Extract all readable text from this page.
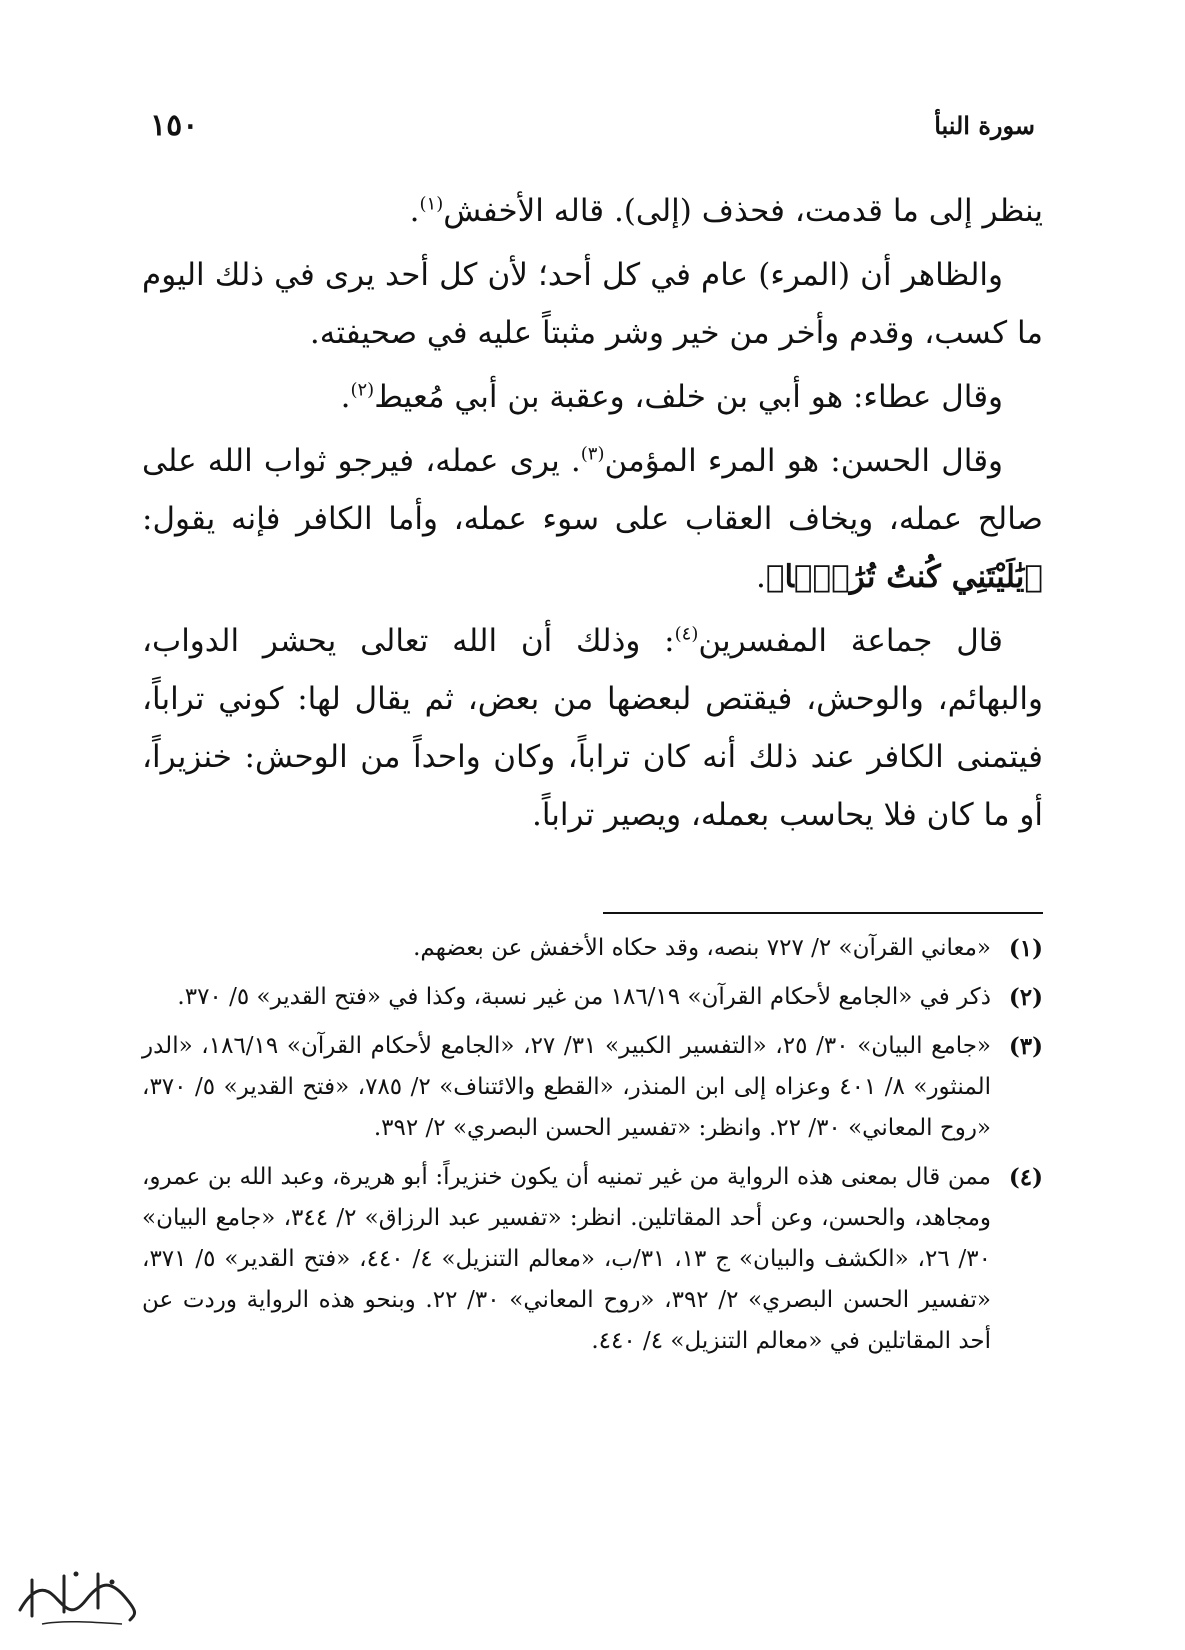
سورة النبأ
١٥٠

ينظر إلى ما قدمت، فحذف (إلى). قاله الأخفش$^{(١)}$.

والظاهر أن (المرء) عام في كل أحد؛ لأن كل أحد يرى في ذلك اليوم ما كسب، وقدم وأخر من خير وشر مثبتاً عليه في صحيفته.

وقال عطاء: هو أبي بن خلف، وعقبة بن أبي مُعيط$^{(٢)}$.

وقال الحسن: هو المرء المؤمن$^{(٣)}$. يرى عمله، فيرجو ثواب الله على صالح عمله، ويخاف العقاب على سوء عمله، وأما الكافر فإنه يقول: ﴿يَٰلَيْتَنِي كُنتُ تُرَٰبَۢا﴾.

قال جماعة المفسرين$^{(٤)}$: وذلك أن الله تعالى يحشر الدواب، والبهائم، والوحش، فيقتص لبعضها من بعض، ثم يقال لها: كوني تراباً، فيتمنى الكافر عند ذلك أنه كان تراباً، وكان واحداً من الوحش: خنزيراً، أو ما كان فلا يحاسب بعمله، ويصير تراباً.

(١)
«معاني القرآن» ٢/ ٧٢٧ بنصه، وقد حكاه الأخفش عن بعضهم.
(٢)
ذكر في «الجامع لأحكام القرآن» ١٨٦/١٩ من غير نسبة، وكذا في «فتح القدير» ٥/ ٣٧٠.
(٣)
«جامع البيان» ٣٠/ ٢٥، «التفسير الكبير» ٣١/ ٢٧، «الجامع لأحكام القرآن» ١٨٦/١٩، «الدر المنثور» ٨/ ٤٠١ وعزاه إلى ابن المنذر، «القطع والائتناف» ٢/ ٧٨٥، «فتح القدير» ٥/ ٣٧٠، «روح المعاني» ٣٠/ ٢٢. وانظر: «تفسير الحسن البصري» ٢/ ٣٩٢.
(٤)
ممن قال بمعنى هذه الرواية من غير تمنيه أن يكون خنزيراً: أبو هريرة، وعبد الله بن عمرو، ومجاهد، والحسن، وعن أحد المقاتلين. انظر: «تفسير عبد الرزاق» ٢/ ٣٤٤، «جامع البيان» ٣٠/ ٢٦، «الكشف والبيان» ج ١٣، ٣١/ب، «معالم التنزيل» ٤/ ٤٤٠، «فتح القدير» ٥/ ٣٧١، «تفسير الحسن البصري» ٢/ ٣٩٢، «روح المعاني» ٣٠/ ٢٢. وبنحو هذه الرواية وردت عن أحد المقاتلين في «معالم التنزيل» ٤/ ٤٤٠.
